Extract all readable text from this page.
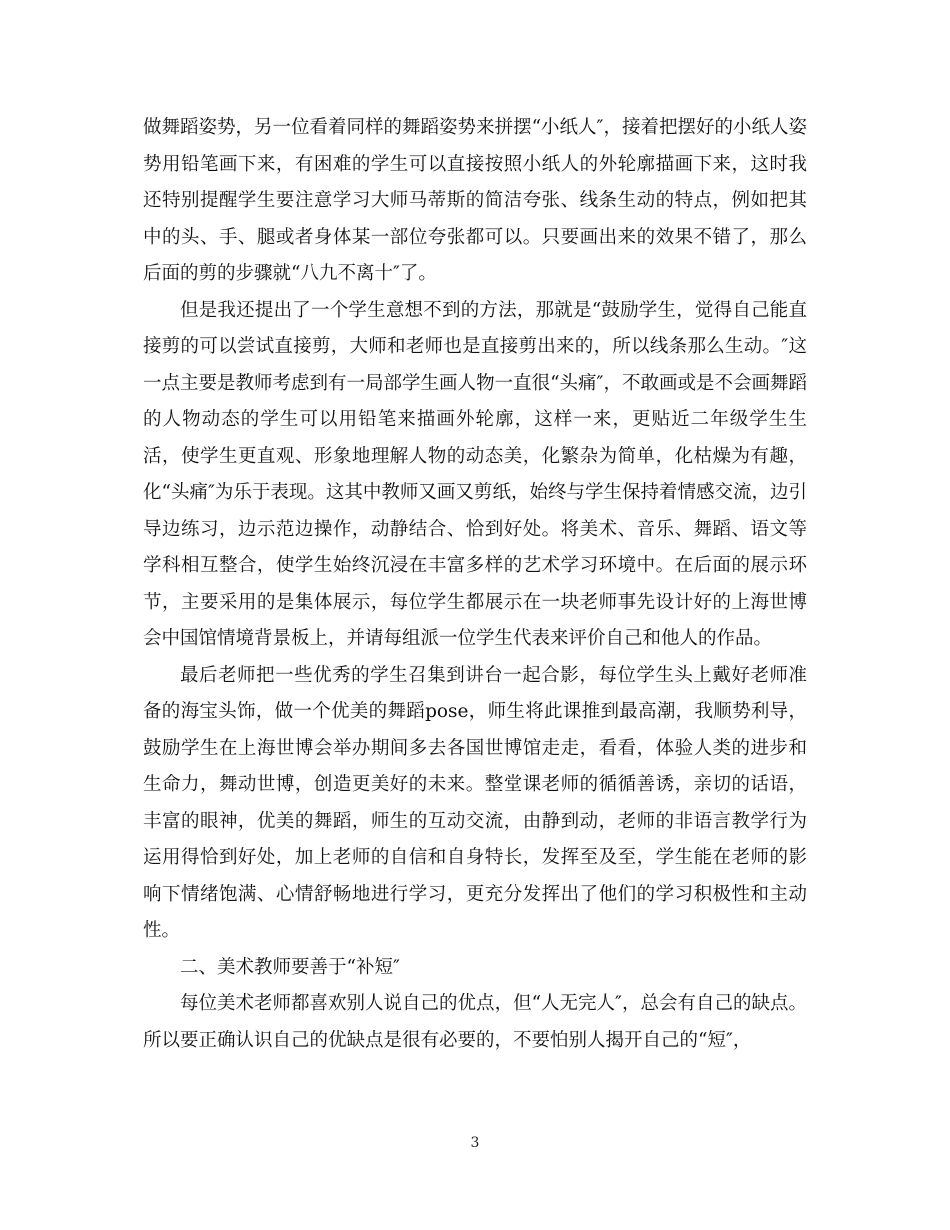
做舞蹈姿势，另一位看着同样的舞蹈姿势来拼摆“小纸人″，接着把摆好的小纸人姿势用铅笔画下来，有困难的学生可以直接按照小纸人的外轮廓描画下来，这时我还特别提醒学生要注意学习大师马蒂斯的简洁夸张、线条生动的特点，例如把其中的头、手、腿或者身体某一部位夸张都可以。只要画出来的效果不错了，那么后面的剪的步骤就“八九不离十″了。

但是我还提出了一个学生意想不到的方法，那就是“鼓励学生，觉得自己能直接剪的可以尝试直接剪，大师和老师也是直接剪出来的，所以线条那么生动。″这一点主要是教师考虑到有一局部学生画人物一直很“头痛″，不敢画或是不会画舞蹈的人物动态的学生可以用铅笔来描画外轮廓，这样一来，更贴近二年级学生生活，使学生更直观、形象地理解人物的动态美，化繁杂为简单，化枯燥为有趣，化“头痛″为乐于表现。这其中教师又画又剪纸，始终与学生保持着情感交流，边引导边练习，边示范边操作，动静结合、恰到好处。将美术、音乐、舞蹈、语文等学科相互整合，使学生始终沉浸在丰富多样的艺术学习环境中。在后面的展示环节，主要采用的是集体展示，每位学生都展示在一块老师事先设计好的上海世博会中国馆情境背景板上，并请每组派一位学生代表来评价自己和他人的作品。

最后老师把一些优秀的学生召集到讲台一起合影，每位学生头上戴好老师准备的海宝头饰，做一个优美的舞蹈pose，师生将此课推到最高潮，我顺势利导，鼓励学生在上海世博会举办期间多去各国世博馆走走，看看，体验人类的进步和生命力，舞动世博，创造更美好的未来。整堂课老师的循循善诱，亲切的话语，丰富的眼神，优美的舞蹈，师生的互动交流，由静到动，老师的非语言教学行为运用得恰到好处，加上老师的自信和自身特长，发挥至及至，学生能在老师的影响下情绪饱满、心情舒畅地进行学习，更充分发挥出了他们的学习积极性和主动性。

二、美术教师要善于“补短″

每位美术老师都喜欢别人说自己的优点，但“人无完人″，总会有自己的缺点。所以要正确认识自己的优缺点是很有必要的，不要怕别人揭开自己的“短″，

3
